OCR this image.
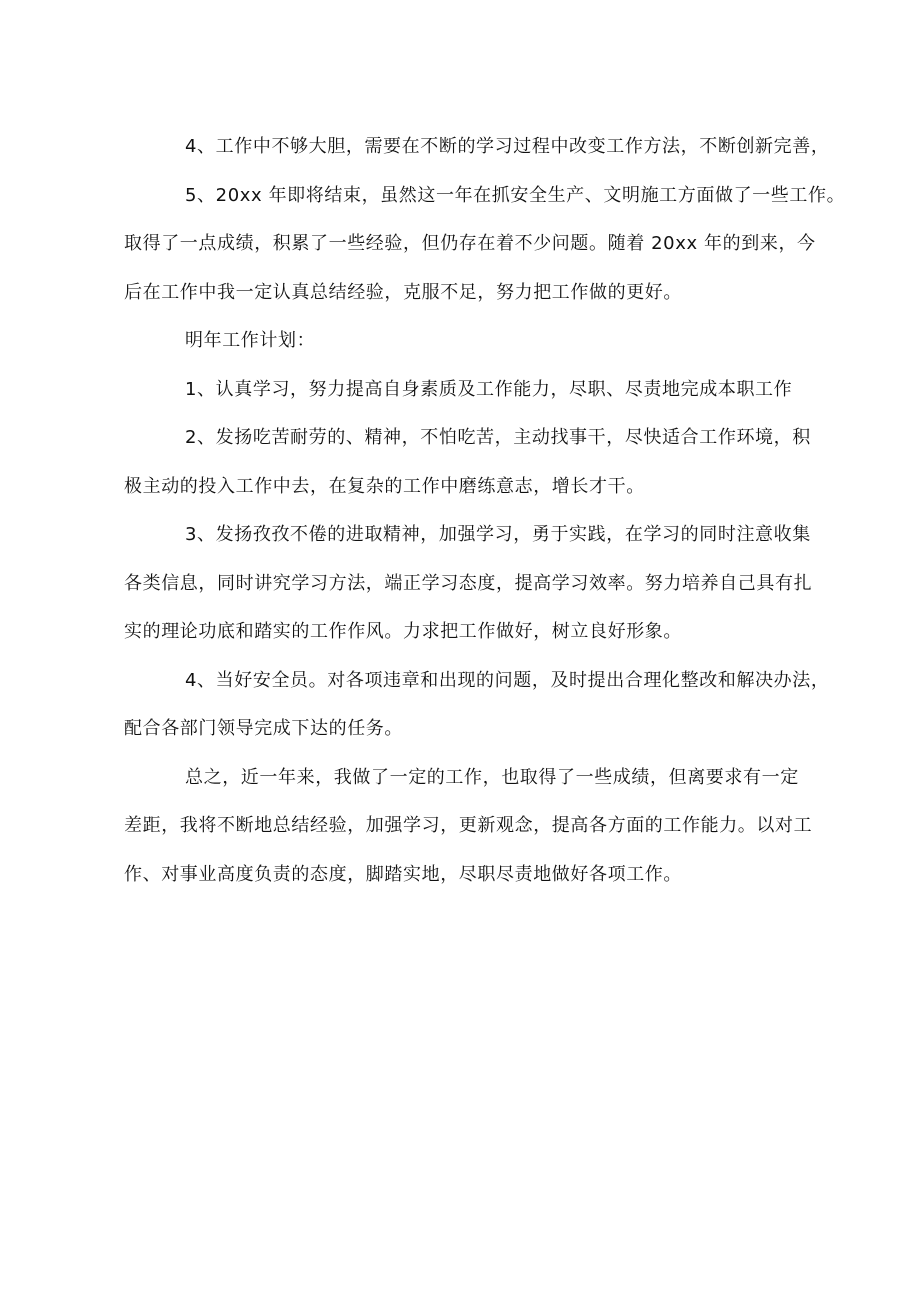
4、工作中不够大胆，需要在不断的学习过程中改变工作方法，不断创新完善，
5、20xx 年即将结束，虽然这一年在抓安全生产、文明施工方面做了一些工作。
取得了一点成绩，积累了一些经验，但仍存在着不少问题。随着 20xx 年的到来，今
后在工作中我一定认真总结经验，克服不足，努力把工作做的更好。
明年工作计划：
1、认真学习，努力提高自身素质及工作能力，尽职、尽责地完成本职工作
2、发扬吃苦耐劳的、精神，不怕吃苦，主动找事干，尽快适合工作环境，积
极主动的投入工作中去，在复杂的工作中磨练意志，增长才干。
3、发扬孜孜不倦的进取精神，加强学习，勇于实践，在学习的同时注意收集
各类信息，同时讲究学习方法，端正学习态度，提高学习效率。努力培养自己具有扎
实的理论功底和踏实的工作作风。力求把工作做好，树立良好形象。
4、当好安全员。对各项违章和出现的问题，及时提出合理化整改和解决办法，
配合各部门领导完成下达的任务。
总之，近一年来，我做了一定的工作，也取得了一些成绩，但离要求有一定
差距，我将不断地总结经验，加强学习，更新观念，提高各方面的工作能力。以对工
作、对事业高度负责的态度，脚踏实地，尽职尽责地做好各项工作。
